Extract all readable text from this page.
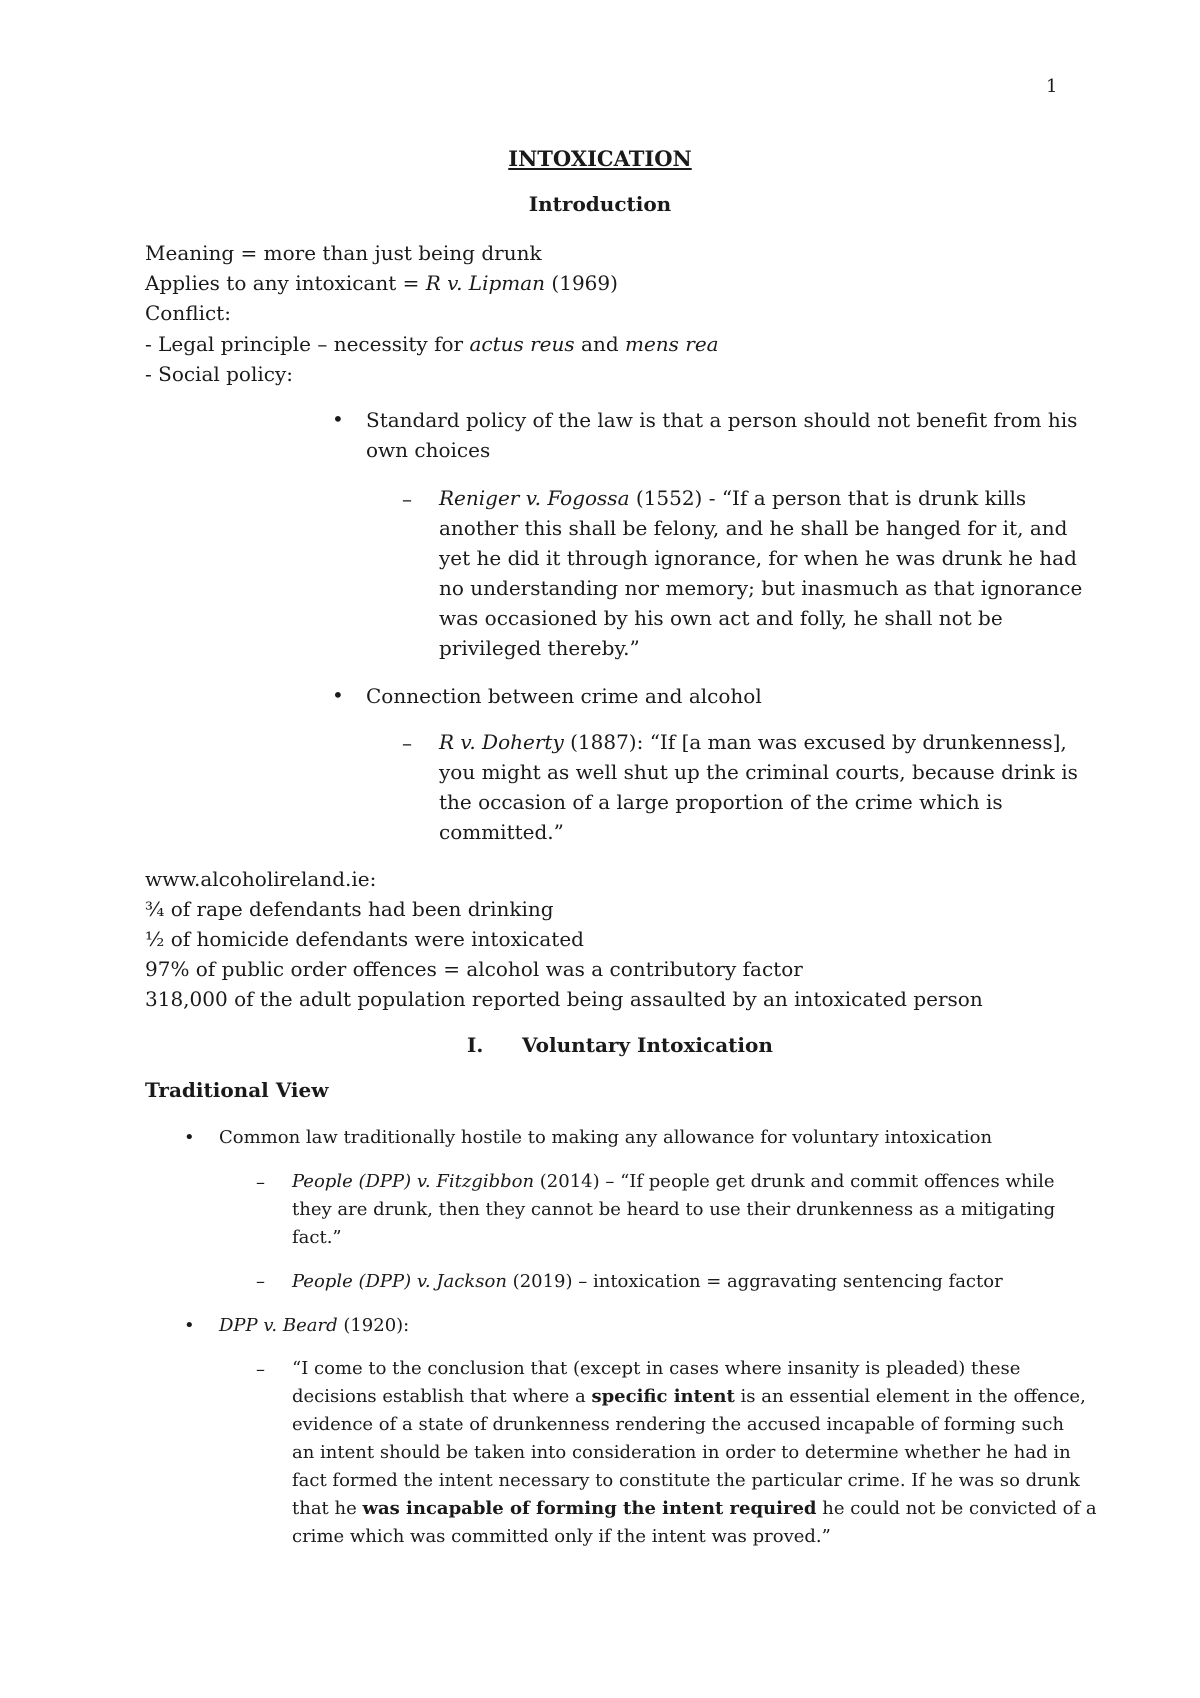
1
INTOXICATION
Introduction
Meaning = more than just being drunk
Applies to any intoxicant = R v. Lipman (1969)
Conflict:
- Legal principle – necessity for actus reus and mens rea
- Social policy:
• Standard policy of the law is that a person should not benefit from his
own choices
– Reniger v. Fogossa (1552) - “If a person that is drunk kills
another this shall be felony, and he shall be hanged for it, and
yet he did it through ignorance, for when he was drunk he had
no understanding nor memory; but inasmuch as that ignorance
was occasioned by his own act and folly, he shall not be
privileged thereby.”
• Connection between crime and alcohol
– R v. Doherty (1887): “If [a man was excused by drunkenness],
you might as well shut up the criminal courts, because drink is
the occasion of a large proportion of the crime which is
committed.”
www.alcoholireland.ie:
¾ of rape defendants had been drinking
½ of homicide defendants were intoxicated
97% of public order offences = alcohol was a contributory factor
318,000 of the adult population reported being assaulted by an intoxicated person
I. Voluntary Intoxication
Traditional View
• Common law traditionally hostile to making any allowance for voluntary intoxication
– People (DPP) v. Fitzgibbon (2014) – “If people get drunk and commit offences while
they are drunk, then they cannot be heard to use their drunkenness as a mitigating
fact.”
– People (DPP) v. Jackson (2019) – intoxication = aggravating sentencing factor
• DPP v. Beard (1920):
– “I come to the conclusion that (except in cases where insanity is pleaded) these
decisions establish that where a specific intent is an essential element in the offence,
evidence of a state of drunkenness rendering the accused incapable of forming such
an intent should be taken into consideration in order to determine whether he had in
fact formed the intent necessary to constitute the particular crime. If he was so drunk
that he was incapable of forming the intent required he could not be convicted of a
crime which was committed only if the intent was proved.”
